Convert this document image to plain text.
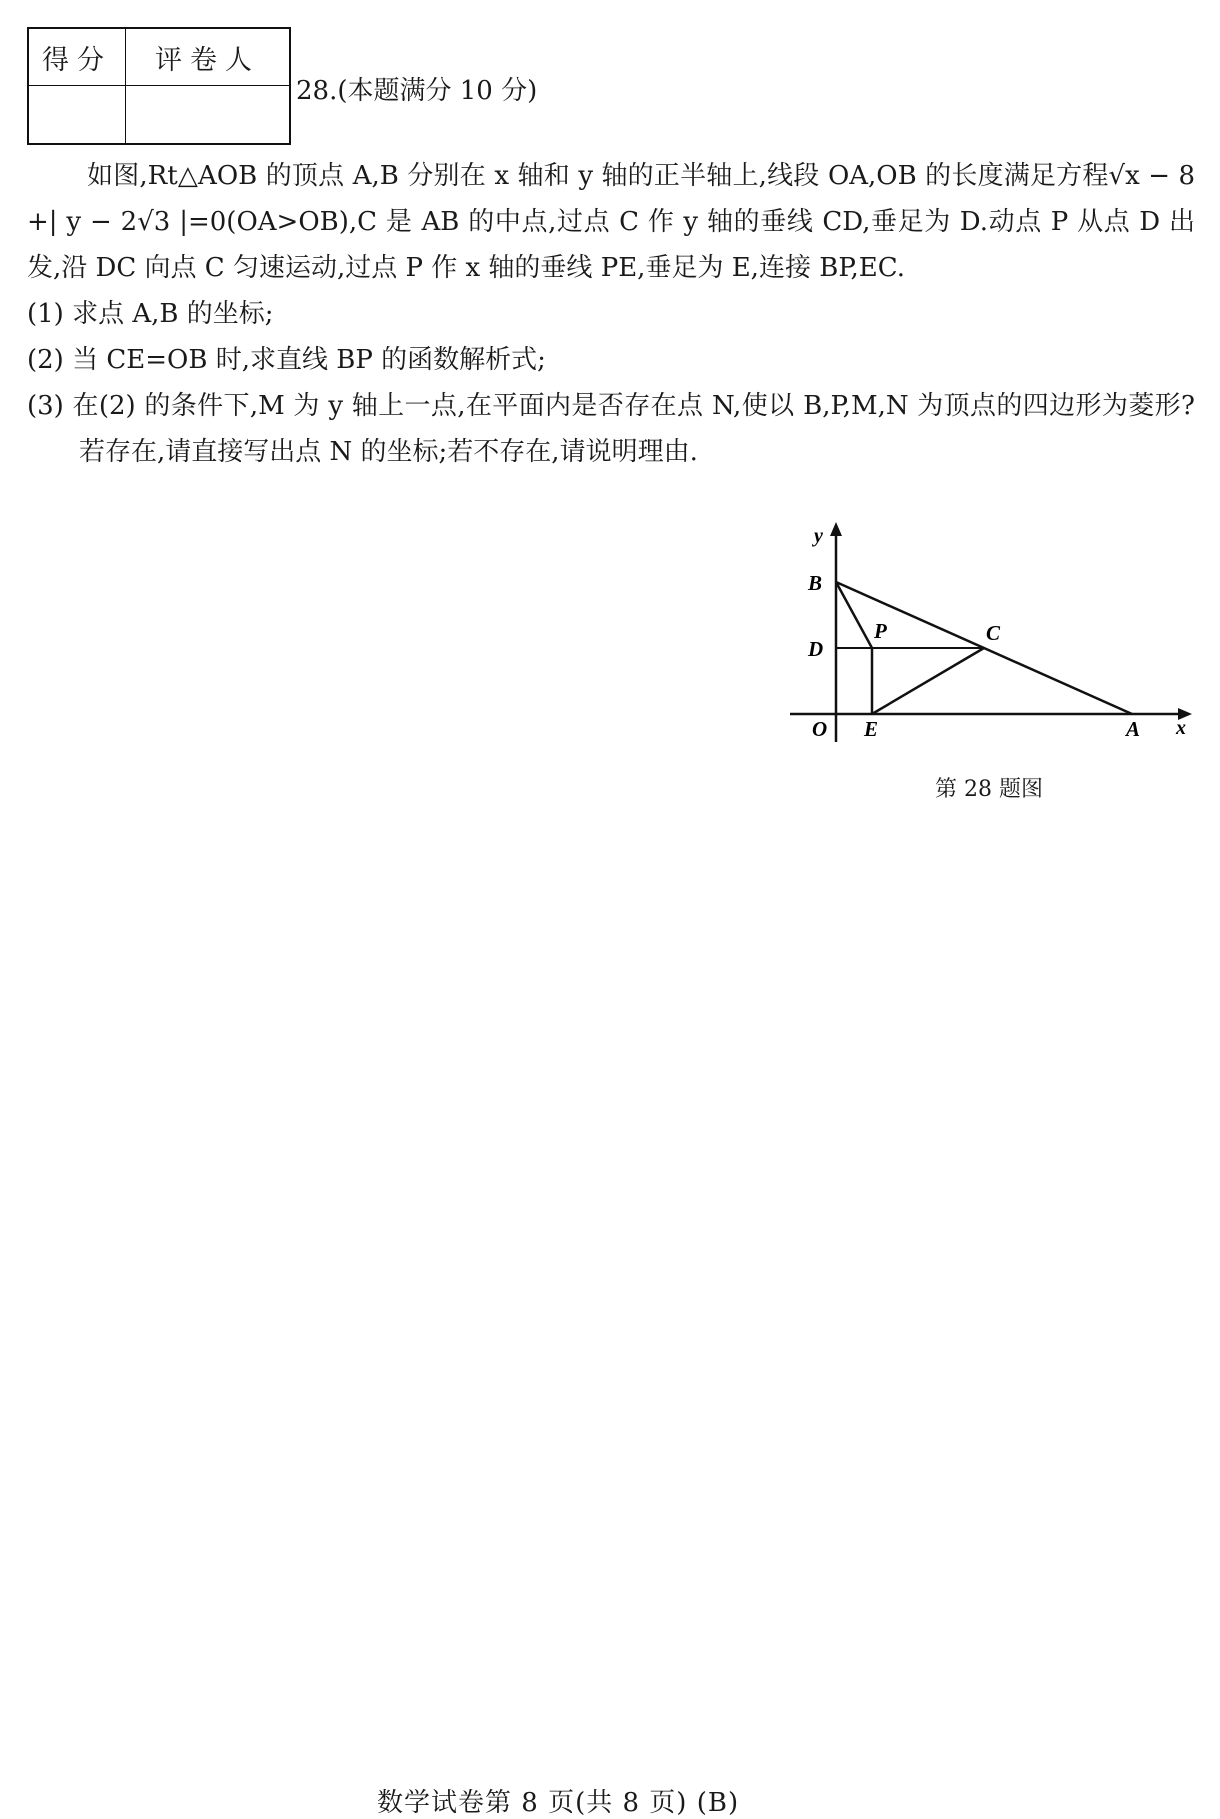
得分	评卷人

28.(本题满分 10 分)

如图,Rt△AOB 的顶点 A,B 分别在 x 轴和 y 轴的正半轴上,线段 OA,OB 的长度满足方程√x − 8 +| y − 2√3 |=0(OA>OB),C 是 AB 的中点,过点 C 作 y 轴的垂线 CD,垂足为 D.动点 P 从点 D 出发,沿 DC 向点 C 匀速运动,过点 P 作 x 轴的垂线 PE,垂足为 E,连接 BP,EC.

(1) 求点 A,B 的坐标;

(2) 当 CE=OB 时,求直线 BP 的函数解析式;

(3) 在(2) 的条件下,M 为 y 轴上一点,在平面内是否存在点 N,使以 B,P,M,N 为顶点的四边形为菱形?若存在,请直接写出点 N 的坐标;若不存在,请说明理由.

y
B
D
P	C
O E	A x
第 28 题图
数学试卷第 8 页(共 8 页) (B)
